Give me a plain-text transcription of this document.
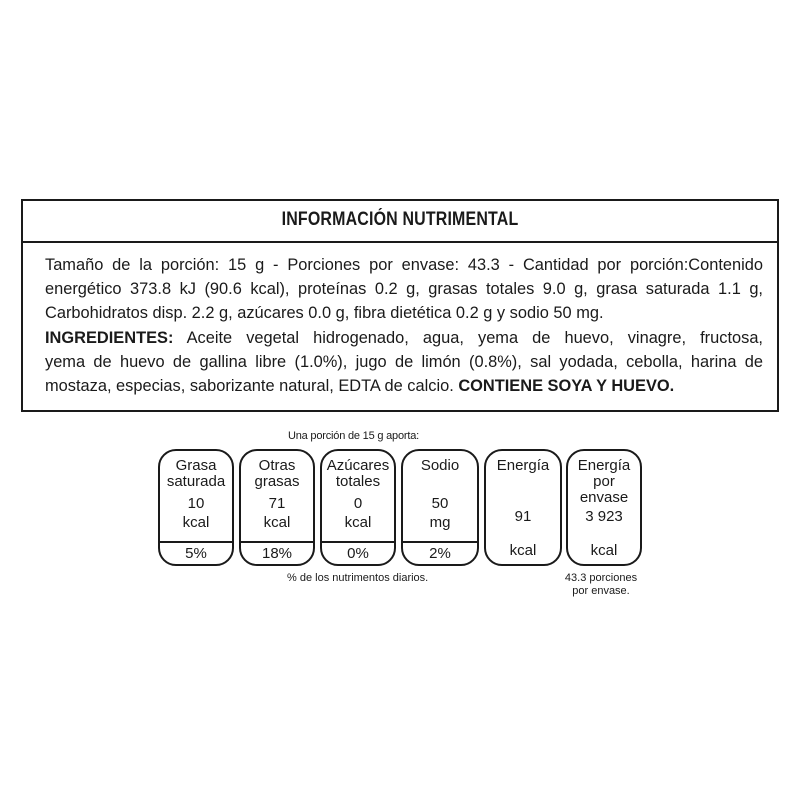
INFORMACIÓN NUTRIMENTAL
Tamaño de la porción: 15 g - Porciones por envase: 43.3 - Cantidad por porción:Contenido
energético 373.8 kJ (90.6 kcal), proteínas 0.2 g, grasas totales 9.0 g, grasa saturada 1.1 g,
Carbohidratos disp. 2.2 g, azúcares 0.0 g, fibra dietética 0.2 g y sodio 50 mg.
INGREDIENTES: Aceite vegetal hidrogenado, agua, yema de huevo, vinagre, fructosa,
yema de huevo de gallina libre (1.0%), jugo de limón (0.8%), sal yodada, cebolla, harina de
mostaza, especias, saborizante natural, EDTA de calcio. CONTIENE SOYA Y HUEVO.
Una porción de 15 g aporta:
Grasa
saturada
10
kcal
5%
Otras
grasas
71
kcal
18%
Azúcares
totales
0
kcal
0%
Sodio
50
mg
2%
Energía
91
kcal
Energía
por envase
3 923
kcal
% de los nutrimentos diarios.	43.3 porciones
por envase.
